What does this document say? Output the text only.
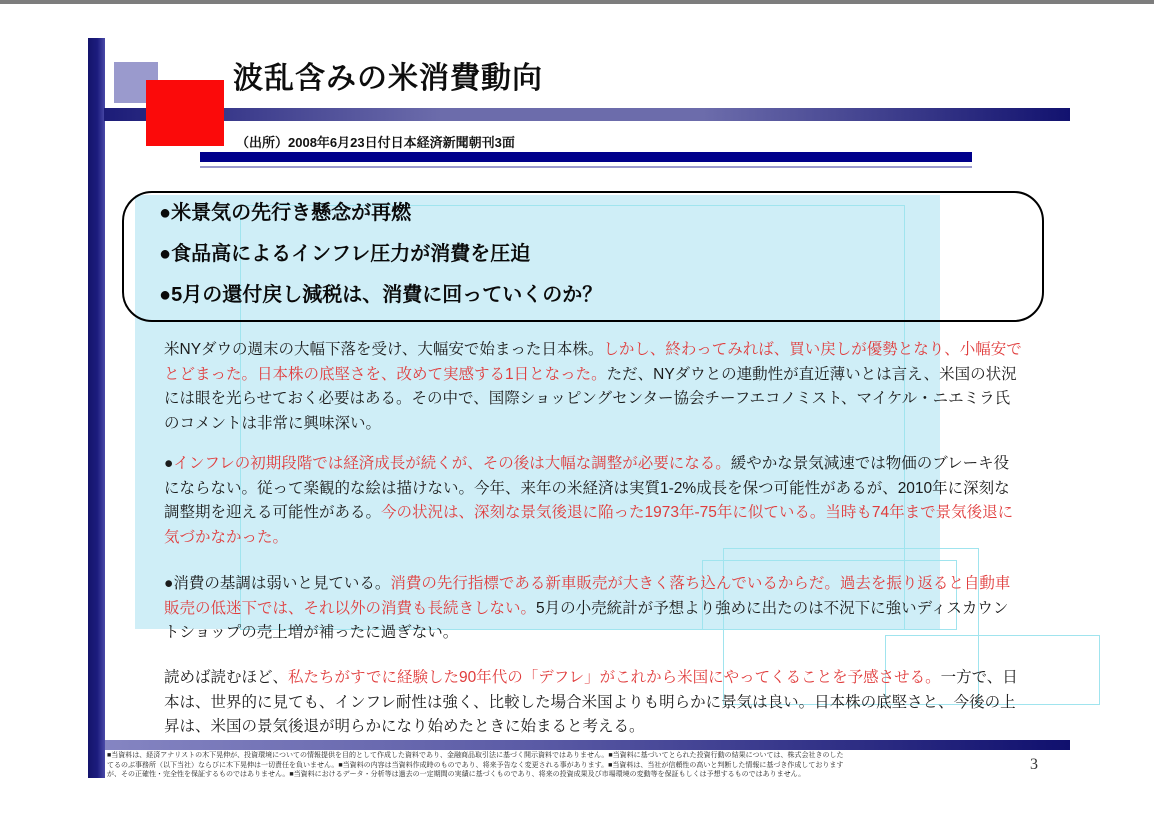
波乱含みの米消費動向
（出所）2008年6月23日付日本経済新聞朝刊3面
●米景気の先行き懸念が再燃
●食品高によるインフレ圧力が消費を圧迫
●5月の還付戻し減税は、消費に回っていくのか？
米NYダウの週末の大幅下落を受け、大幅安で始まった日本株。しかし、終わってみれば、買い戻しが優勢となり、小幅安でとどまった。日本株の底堅さを、改めて実感する1日となった。ただ、NYダウとの連動性が直近薄いとは言え、米国の状況には眼を光らせておく必要はある。その中で、国際ショッピングセンター協会チーフエコノミスト、マイケル・ニエミラ氏のコメントは非常に興味深い。
●インフレの初期段階では経済成長が続くが、その後は大幅な調整が必要になる。緩やかな景気減速では物価のブレーキ役にならない。従って楽観的な絵は描けない。今年、来年の米経済は実質1-2%成長を保つ可能性があるが、2010年に深刻な調整期を迎える可能性がある。今の状況は、深刻な景気後退に陥った1973年-75年に似ている。当時も74年まで景気後退に気づかなかった。
●消費の基調は弱いと見ている。消費の先行指標である新車販売が大きく落ち込んでいるからだ。過去を振り返ると自動車販売の低迷下では、それ以外の消費も長続きしない。5月の小売統計が予想より強めに出たのは不況下に強いディスカウントショップの売上増が補ったに過ぎない。
読めば読むほど、私たちがすでに経験した90年代の「デフレ」がこれから米国にやってくることを予感させる。一方で、日本は、世界的に見ても、インフレ耐性は強く、比較した場合米国よりも明らかに景気は良い。日本株の底堅さと、今後の上昇は、米国の景気後退が明らかになり始めたときに始まると考える。
■当資料は、経済アナリストの木下晃伸が、投資環境についての情報提供を目的として作成した資料であり、金融商品取引法に基づく開示資料ではありません。■当資料に基づいてとられた投資行動の結果については、株式会社きのした
てるのぶ事務所（以下当社）ならびに木下晃伸は一切責任を負いません。■当資料の内容は当資料作成時のものであり、将来予告なく変更される事があります。■当資料は、当社が信頼性の高いと判断した情報に基づき作成しております
が、その正確性・完全性を保証するものではありません。■当資料におけるデータ・分析等は過去の一定期間の実績に基づくものであり、将来の投資成果及び市場環境の変動等を保証もしくは予想するものではありません。
3
